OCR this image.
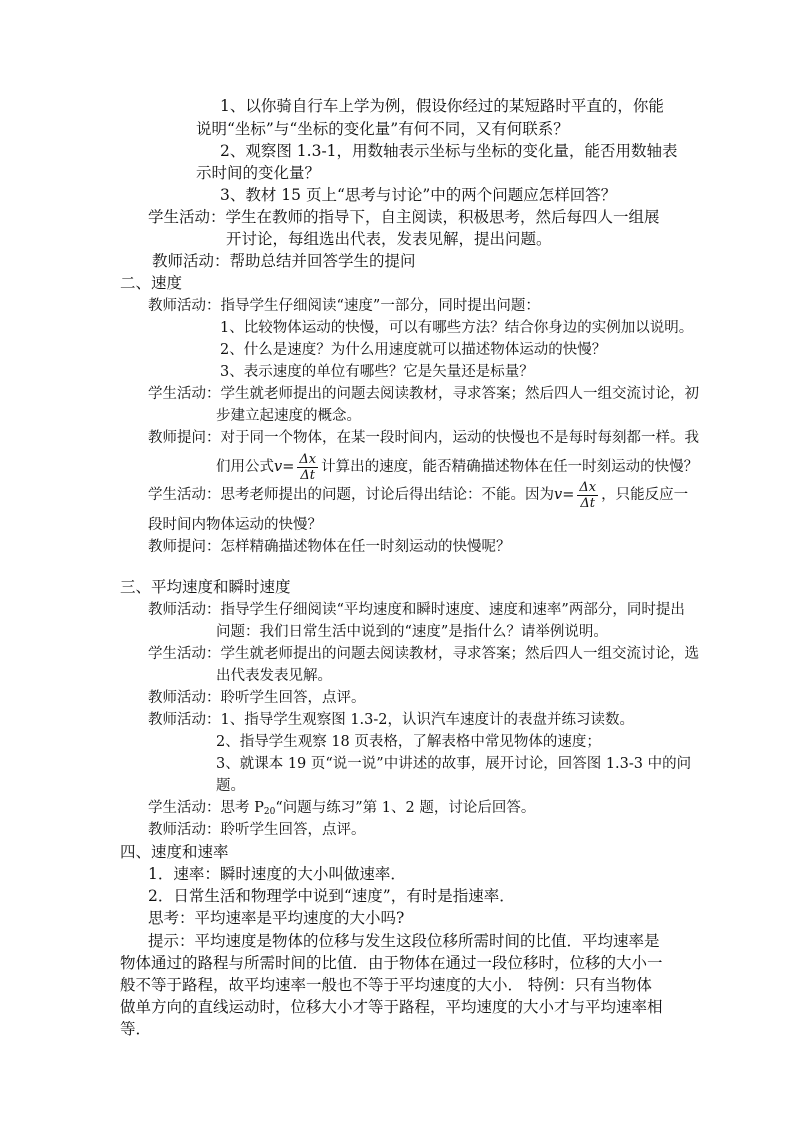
1、以你骑自行车上学为例，假设你经过的某短路时平直的，你能
说明“坐标”与“坐标的变化量”有何不同，又有何联系？
2、观察图 1.3-1，用数轴表示坐标与坐标的变化量，能否用数轴表
示时间的变化量？
3、教材 15 页上“思考与讨论”中的两个问题应怎样回答？
学生活动：学生在教师的指导下，自主阅读，积极思考，然后每四人一组展
开讨论，每组选出代表，发表见解，提出问题。
教师活动：帮助总结并回答学生的提问
二、速度
教师活动：指导学生仔细阅读“速度”一部分，同时提出问题：
1、比较物体运动的快慢，可以有哪些方法？结合你身边的实例加以说明。
2、什么是速度？为什么用速度就可以描述物体运动的快慢？
3、表示速度的单位有哪些？它是矢量还是标量？
学生活动：学生就老师提出的问题去阅读教材，寻求答案；然后四人一组交流讨论，初
步建立起速度的概念。
教师提问：对于同一个物体，在某一段时间内，运动的快慢也不是每时每刻都一样。我
们用公式$v= \frac{\Delta x}{\Delta t}$ 计算出的速度，能否精确描述物体在任一时刻运动的快慢？
学生活动：思考老师提出的问题，讨论后得出结论：不能。因为$v= \frac{\Delta x}{\Delta t}$ ，只能反应一
段时间内物体运动的快慢？
教师提问：怎样精确描述物体在任一时刻运动的快慢呢？
三、平均速度和瞬时速度
教师活动：指导学生仔细阅读“平均速度和瞬时速度、速度和速率”两部分，同时提出
问题：我们日常生活中说到的“速度”是指什么？请举例说明。
学生活动：学生就老师提出的问题去阅读教材，寻求答案；然后四人一组交流讨论，选
出代表发表见解。
教师活动：聆听学生回答，点评。
教师活动：1、指导学生观察图 1.3-2，认识汽车速度计的表盘并练习读数。
2、指导学生观察 18 页表格，了解表格中常见物体的速度；
3、就课本 19 页“说一说”中讲述的故事，展开讨论，回答图 1.3-3 中的问
题。
学生活动：思考 $P_{20}“$问题与练习”第 1、2 题，讨论后回答。
教师活动：聆听学生回答，点评。
四、速度和速率
1．速率：瞬时速度的大小叫做速率．
2．日常生活和物理学中说到“速度”，有时是指速率．
思考：平均速率是平均速度的大小吗?
提示：平均速度是物体的位移与发生这段位移所需时间的比值．平均速率是
物体通过的路程与所需时间的比值．由于物体在通过一段位移时，位移的大小一
般不等于路程，故平均速率一般也不等于平均速度的大小． 特例：只有当物体
做单方向的直线运动时，位移大小才等于路程，平均速度的大小才与平均速率相
等．
